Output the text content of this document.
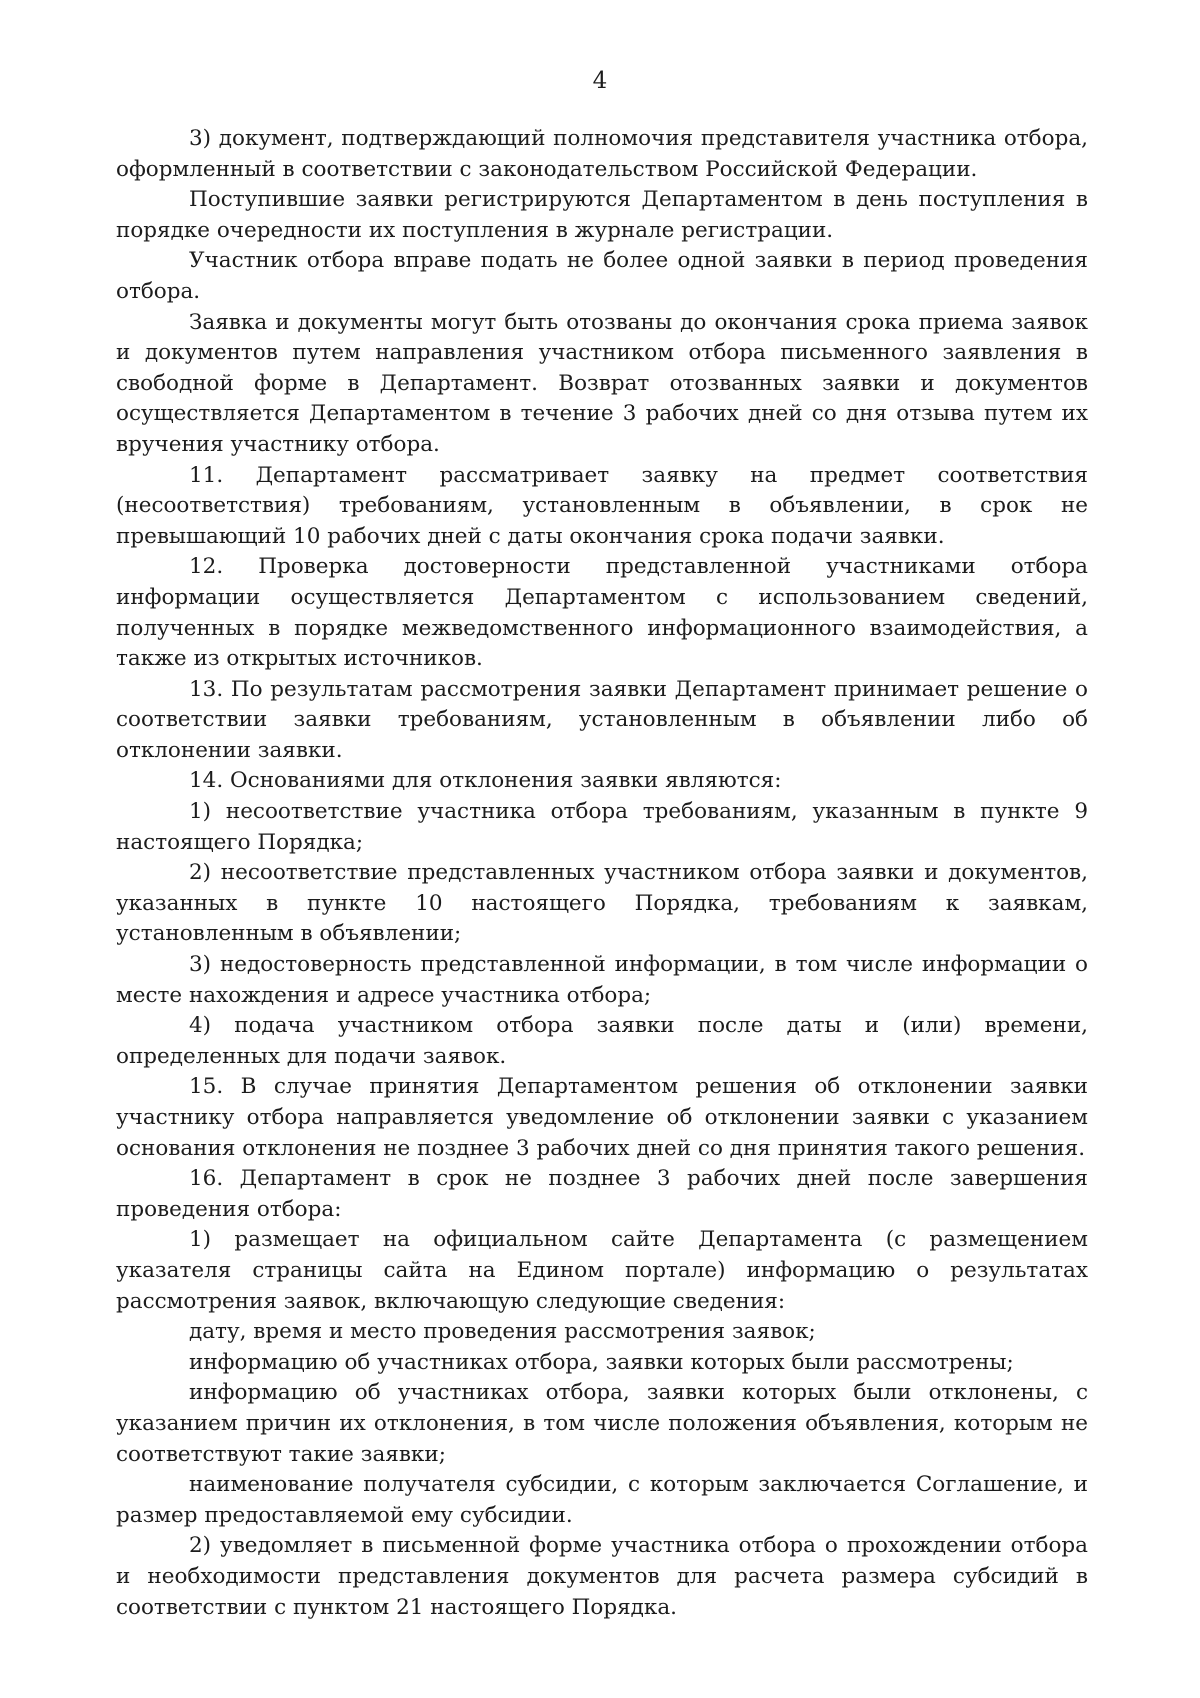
4

3) документ, подтверждающий полномочия представителя участника отбора, оформленный в соответствии с законодательством Российской Федерации.

Поступившие заявки регистрируются Департаментом в день поступления в порядке очередности их поступления в журнале регистрации.

Участник отбора вправе подать не более одной заявки в период проведения отбора.

Заявка и документы могут быть отозваны до окончания срока приема заявок и документов путем направления участником отбора письменного заявления в свободной форме в Департамент. Возврат отозванных заявки и документов осуществляется Департаментом в течение 3 рабочих дней со дня отзыва путем их вручения участнику отбора.

11. Департамент рассматривает заявку на предмет соответствия (несоответствия) требованиям, установленным в объявлении, в срок не превышающий 10 рабочих дней с даты окончания срока подачи заявки.

12. Проверка достоверности представленной участниками отбора информации осуществляется Департаментом с использованием сведений, полученных в порядке межведомственного информационного взаимодействия, а также из открытых источников.

13. По результатам рассмотрения заявки Департамент принимает решение о соответствии заявки требованиям, установленным в объявлении либо об отклонении заявки.

14. Основаниями для отклонения заявки являются:

1) несоответствие участника отбора требованиям, указанным в пункте 9 настоящего Порядка;

2) несоответствие представленных участником отбора заявки и документов, указанных в пункте 10 настоящего Порядка, требованиям к заявкам, установленным в объявлении;

3) недостоверность представленной информации, в том числе информации о месте нахождения и адресе участника отбора;

4) подача участником отбора заявки после даты и (или) времени, определенных для подачи заявок.

15. В случае принятия Департаментом решения об отклонении заявки участнику отбора направляется уведомление об отклонении заявки с указанием основания отклонения не позднее 3 рабочих дней со дня принятия такого решения.

16. Департамент в срок не позднее 3 рабочих дней после завершения проведения отбора:

1) размещает на официальном сайте Департамента (с размещением указателя страницы сайта на Едином портале) информацию о результатах рассмотрения заявок, включающую следующие сведения:

дату, время и место проведения рассмотрения заявок;

информацию об участниках отбора, заявки которых были рассмотрены;

информацию об участниках отбора, заявки которых были отклонены, с указанием причин их отклонения, в том числе положения объявления, которым не соответствуют такие заявки;

наименование получателя субсидии, с которым заключается Соглашение, и размер предоставляемой ему субсидии.

2) уведомляет в письменной форме участника отбора о прохождении отбора и необходимости представления документов для расчета размера субсидий в соответствии с пунктом 21 настоящего Порядка.
